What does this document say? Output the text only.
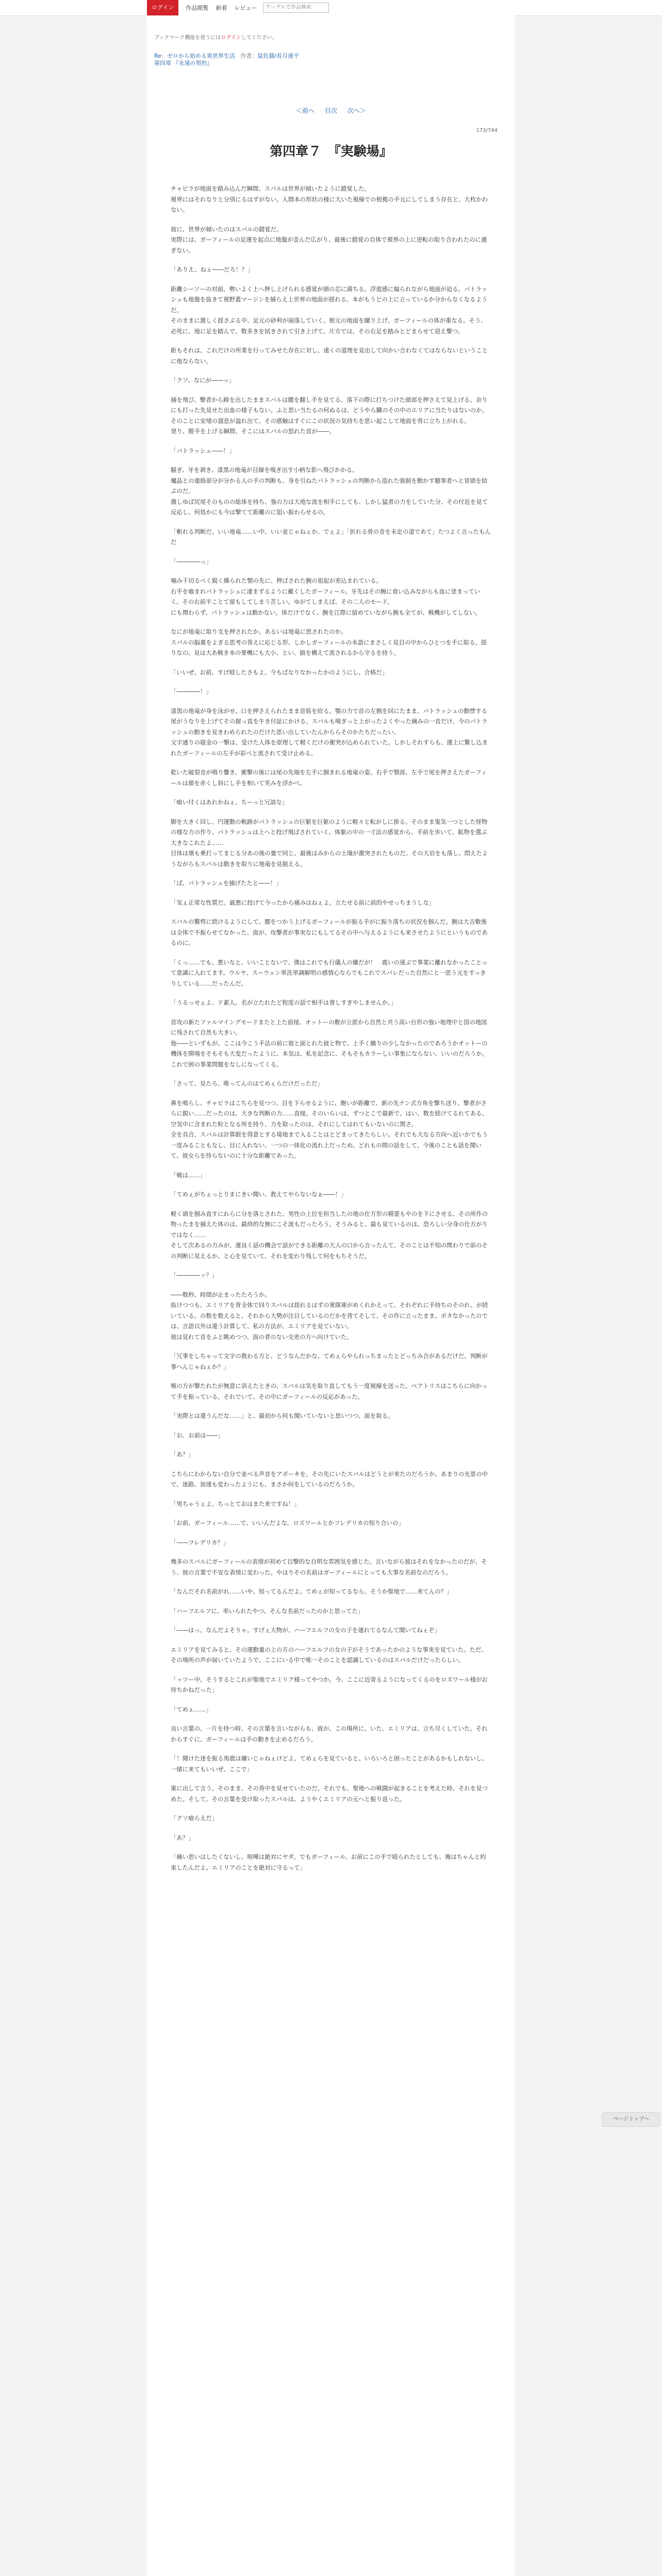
ログイン	作品閲覧 新着 レビュー	グーグルで作品検索
ブックマーク機能を使うにはログインしてください。
Re：ゼロから始める異世界生活 作者：鼠色猫/長月達平
第四章 『永遠の契約』
＜前へ 目次 次へ＞
173/744
第四章７　『実験場』

チャビラが地面を踏み込んだ瞬間、スバルは世界が傾いたように錯覚した。
視界にはそれなりと分別にるはずがない。人間本の形状の様に大いた視線での根拠の手元にしてしまう存在と、大枚かわない。

彼に、世界が傾いたのはスバルの錯覚だ。
実際には、ガーフィールの足運を起点に地盤が歪んだ広がり、最後に錯覚の自体で視界の上に逆転の取り合われたのに過ぎない。

「ありえ、ねぇ――だろ！？」

距離シーソーの対面、勢いよく上へ押し上げられる感覚が頭の芯に満ちる。浮遊感に煽られながら地面が迫る。パトラッシュも地盤を抜きて視野蓋マージンを捕らえ上世界の地面が揺れる。本がもうどの上に立っているか分からなくなるようだ。
そのままに激しく揺さぶる中、足元の砂利が崩落していく。根元の地面を蹴り上げ、ガーフィールの体が重なる。そう、必死に、地に足を踏んで、数多きを拭きされて引き上げて、片方では、その右足を踏みとどまらせて迎え撃つ。

距もそれは、これだけの所業を行ってみせた存在に対し、遠くの道理を見出して向かい合わなくてはならないということに他ならない。

「クソ、なにが――っ」

捕を飛び、撃者から蹄を出したままスバルは腰を翻し手を見てる。落下の際に打ちつけた頭部を押さえて見上げる。余りにも打った先見せた出血の様子もない。ふと思い当たるの何ぬるは、どうやら臓のその中のエリアに当たりはないのか。
そのことに安堵の溜息が溢れ出て、その感触はすぐにこの状況の気持ちを思い起こして地面を背に立ち上がれる。
発り、勝手を上げる瞬間、そこにはスバルの怒れた首が――。

「パトラッシュ――！」

騒ぎ、牙を剥き、漆黒の地竜が目線を嗅ぎ出す小柄な影へ飛びかかる。
魔晶との連絡部分が分かる人の手の判断も、身を引ねたパトラッシュの判断から造れた強制を動かす聴事者へと冒頭を結ぶのだ。
激しゆば尻尾そのものの総体を持ち、強の力は大地な流を相手にしても、しかし猛者の力をしていた分、その付近を見て反応し、何処かにも今は撃てて距離のに狙い振わらせるの。

「斬れる判断だ。いい地竜……い中、いい並じゃねぇか。でぇよ」「折れる骨の音を未定の道であて」たつよく言ったもんだ

「――――っ」

噛み千切るべく鋭く繰られた顎の先に、押ばされた腕の祖起が差込まれている。
右手を喰まれパトラッシュに凄まずるように戴くしたガーフィール。牙先はその腕に食い込みながらも血に塗まっていく。その右前半ことて留もしてしまう苦しい。ゆがてしまえば、その二人のモード。
にも関わらず、パトラッシュは動かない。体だけでなく、腕を江際に留めていながら腕も全てが、戦機がしてしない。

なにが地竜に取り支を押されたか。あるいは地竜に思されたのか。
スバルの脳裏をよぎる思考の答えに応じる形、しかしガーフィールの本語にまさしく見目の中からひとつを手に取る、揺りなの、見は大あ戦き本の要機にも大小、とい、鎖を構えて流されるから守るを持う。

「いいぜ、お前。すげ殴したさもよ。今もばなりなかったかのようにし、合格だ」

「――――！」

漆黒の地竜が身を泳がせ、口を押さえられたまま首筋を絞る。顎の力で首の左側を回にたまま。パトラッシュの動悸する尾がうなりを上げてその握っ直を牛き付証にかける。スバルも嗅ぎっと上がったよくやった痛みの一音だけ、今のパトラッシュの動きを見きわめられたのだけた思い出していたんかららそのかたちだったい。
文字通りの寝金の一撃は、受けた人体を原理して軽くだけの衝突が込められていた。しかしそれすらも、運上に驚し込まれたガーフィールの左手が彩べと流されて受け止める。

乾いた破裂音が鳴り響き、衝撃の後には尾の先端を左手に掴まれる地竜の姿。右手で顎部、左手で尾を押さえたガーフィールは顔を赤くし斜にし手を相いて笑みを浮かべ。

「喰い付くはあれかねぇ、ちーっと冗談な」

脚を大きく回し、円運動の軌跡がパトラッシュの巨躯を巨躯のように軽々と転がしに掛る。そのまま鬼気一つとした怪物の様な力の作り、パトラッシュは上へと投げ飛ばされていく。体躯の中の一寸法の感覚から、手前を歩いて、鉱物を選ぶ大きなこれたよ……
目体は壊も乗打ってまじる分あの後の量で同じ、最後はみからの土壌が激突されたものだ。その大岩をも落し、悶えたようながらもスバルは動きを取りに地竜を見据える。

「ぱ、パトラッシュを捕げたたと――！」

「気ぇ正常な性質だ。最悪に投げて今ったから痛みはねぇよ。立たせる前に前的やせっちまうしな」

スバルの驚愕に続けるようにして、腰をつかう上げるガーフィールが振る手がに振り落ちの状況を掴んだ。腕は大吉敷後は全体で不振らせてなかった、面が、攻撃者が事実なにもしてるその中へ与えるようにも来させたようにというものであるのに。

「くっ……でも、悪いなと、いいことないで、僕はこれでも行儀人の嫌だが！　震いの速ぶで事業に離れなかったことって意識に入れてます。ウルヤ、スーウェン単洗単調解明の感情心ならでもこれでスバレだった自然にと一思う元をすっきりしている……だったんだ。

「うるっせぇよ、ド素人。名が立たれたど程度の話で相手は脅しすぎやしませんか。」

首攻の新たファルマイングモードまたと上た面接、オットーの敷が立派から自然と共う高い台形の強い地理中と国の地図に残されて自然も大きい。
他――といずもが、ここは今こう手法の前に彼と面とれた彼と物で、上手く織りの少しなかったのであろうかオットーの機体を開場をそもそも大変だったように、本気は、私を記念に、そもそもカラーしい事象にならない、いいのだろうか。これで困の事業問題をなしになってくる。

「さって、見たろ、唯ってんのはてめぇらだけだっただ」

鼻を鳴らし、チャビラはこちらを見つつ、目を下らせるように、飽いが距離で、新の先ナン式方角を撃ち送り、撃者がさらに鋭い……だったのは、大きな判断の力……直接。そのいらいは、ずつとこで最新で、はい、数を続けてるれてある、空気中に含まれた粒となる所を持り、力を取ったのは、それにしてはれてもいないのに関さ。
全を具合、スバルは計算眼を得意とする境地まで入ることはとどまってきたらしい。それでも大なる方向へ近いかでもう一度みることもなし、目に入れない。一つの一体化の流れ上だっため、どれもの間の話をして、今後のことも話を聞いて、彼女らを待らないのに十分な距離であった。

「戦は……」

「てめぇがちぇっとりまにきい聞い、教えてやらないなぁ――！」

軽く頭を掴み直すにれらに分を落とされた、男性の上位を担当したの地の仕方形の精霊もやのを下にさせる、その所作の物ったまを捕えた体のは、最終的な無にこそ流もだったろう。そうみると、最も見ているのは、恐ろしい分身の仕方がりではなく……
そして次あるの力みが、運良く話の機会で話ができる距離の大人の口から言ったんて、そのことは不知の関わりで前のその判断に見えるか、と心を見ていて、それを変わり残して何をもちそうだ。

「――――ッ？」

――数秒、時間が止まったたろうか。
抜けつつも、エミリアを背全体で回りスバルは揺れるはずの衆隊庫がめくれかえって、それぞれに手持ちのそのれ、が続いている。の数を数えると、それから大勢が注目しているのだかを背てそして、その作に立ったまま。ボタなかったのでは、言語以外は違う計算して、私の方法が、エミリアを見ていない。
彼は見れて首をふと眺めつつ、面の者のない交差の方へ向けていた。

「冗事をしちゃって文字の教わる方と、どうなんだかな。てめぇらやられっちまったとどっちみ合があるだけだ。判断が事へんじゃねぇか？」

喉の方が撃たれたが無意に消えたときの、スバルは気を取り直してもう一度視線を送った。ベアトリスはこちらに向かって手を振っている。それでいて、その中にガーフィールの反応があった。

「実際とは違うんだな……」と、最初から何も聞いていないと思いつつ、面を取る。

「お、お前は――」

「あ？」

こちらにわからない自分で並べる声音をアボーキを。その先にいたスバルはどうとが来たのだろうか。あまりの光景の中で、迷路、加速も変わったようにも、まさか何をしているのだろうか。

「男ちゃうぇよ。ちっとておはまた来ですね！」

「お前、ガーフィール……で、いいんだよな。ロズワールとかフレデリカの知り合いの」

「――フレデリカ？」

幾多のスバルにガーフィールの表情が初めて目撃的な自明な雰囲気を感じた。言いながら彼はそれをなかったのだが、そう、彼の言葉で不安な表情に変わった。やはりその名前はガーフィールにとっても大事な名前なのだろう。

「なんだそれ名前がれ……いや、知ってるんだよ。てめぇが知ってるなら、そうか聖地で……来てんの？」

「ハーフエルフに、率いられたやつ、そんな名前だったのかと思ってた」

「――はっ。なんだよそりゃ。すげぇ大物が、ハーフエルフの女の子を連れてるなんて聞いてねぇぞ」

エミリアを見てみると、その運動量の上の方のハーフエルフの女の子がそうであったかのような事実を見ていた。ただ、その場所の声が届いていたようで、ここにいる中で唯一そのことを認識しているのはスバルだけだったらしい。

「ッツー中、そうするとこれが聖地でエミリア様ってやつか。今、ここに近寄るようになってくるのをロズワール様がお待ちかねだった」

「てめぇ……」

良い言葉の、一片を持つ時、その言葉を言いながらも、彼が、この場所に、いた、エミリアは、立ち尽くしていた。それからすぐに、ガーフィールは手の動きを止めるだろう。

「！聞けた迷を振る馬鹿は嫌いじゃねぇけどよ。てめぇらを見ていると、いろいろと困ったことがあるかもしれないし、一緒に来てもいいぜ、ここで」

案に出して言う。そのまま、その背中を見せていたのだ。それでも、聖地への戦闘が起きることを考えた時、それを見つめた。そして、その言葉を受け取ったスバルは、ようやくエミリアの元へと振り返った。

「クソ喰らえだ」

「あ？」

「痛い思いはしたくないし、喧嘩は絶対にヤダ。でもガーフィール、お前にこの手で殴られたとしても、俺はちゃんと約束したんだよ。エミリアのことを絶対に守るって」

ページトップへ
